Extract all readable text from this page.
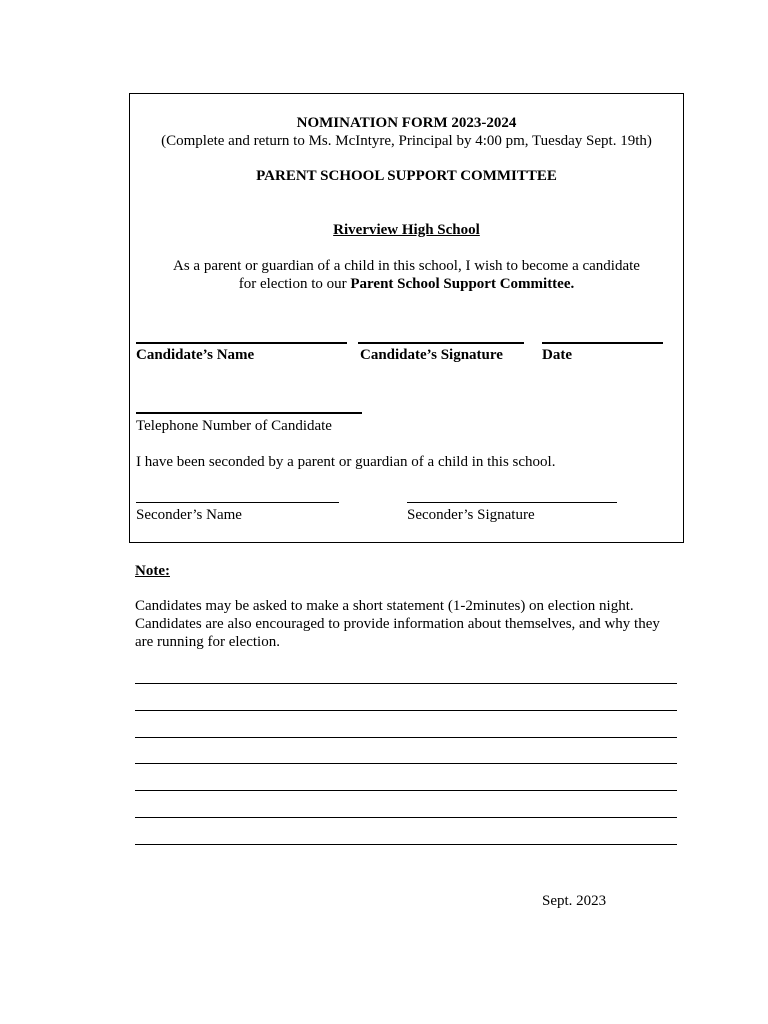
NOMINATION FORM 2023-2024
(Complete and return to Ms. McIntyre, Principal by 4:00 pm, Tuesday Sept. 19th)
PARENT SCHOOL SUPPORT COMMITTEE
Riverview High School
As a parent or guardian of a child in this school, I wish to become a candidate
for election to our Parent School Support Committee.
Candidate’s Name	Candidate’s Signature	Date
Telephone Number of Candidate
I have been seconded by a parent or guardian of a child in this school.
Seconder’s Name	Seconder’s Signature
Note:
Candidates may be asked to make a short statement (1-2minutes) on election night.
Candidates are also encouraged to provide information about themselves, and why they
are running for election.
Sept. 2023
